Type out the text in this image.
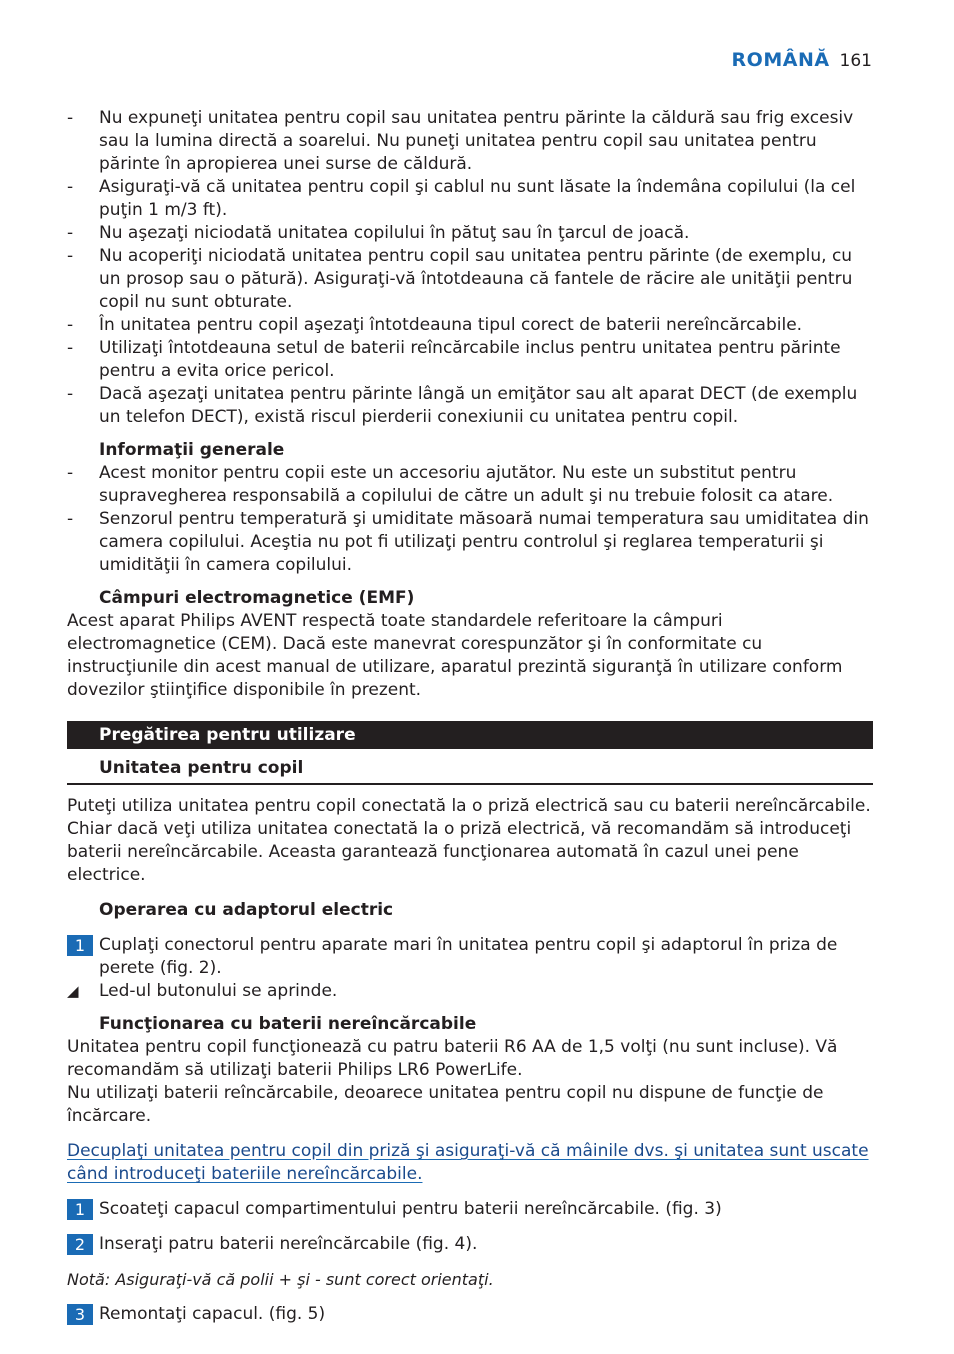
ROMÂNĂ 161
-	Nu expuneţi unitatea pentru copil sau unitatea pentru părinte la căldură sau frig excesiv sau la lumina directă a soarelui. Nu puneţi unitatea pentru copil sau unitatea pentru părinte în apropierea unei surse de căldură.
-	Asiguraţi-vă că unitatea pentru copil şi cablul nu sunt lăsate la îndemâna copilului (la cel puţin 1 m/3 ft).
-	Nu aşezaţi niciodată unitatea copilului în pătuţ sau în ţarcul de joacă.
-	Nu acoperiţi niciodată unitatea pentru copil sau unitatea pentru părinte (de exemplu, cu un prosop sau o pătură). Asiguraţi-vă întotdeauna că fantele de răcire ale unităţii pentru copil nu sunt obturate.
-	În unitatea pentru copil aşezaţi întotdeauna tipul corect de baterii nereîncărcabile.
-	Utilizaţi întotdeauna setul de baterii reîncărcabile inclus pentru unitatea pentru părinte pentru a evita orice pericol.
-	Dacă aşezaţi unitatea pentru părinte lângă un emiţător sau alt aparat DECT (de exemplu un telefon DECT), există riscul pierderii conexiunii cu unitatea pentru copil.
Informaţii generale
-	Acest monitor pentru copii este un accesoriu ajutător. Nu este un substitut pentru supravegherea responsabilă a copilului de către un adult şi nu trebuie folosit ca atare.
-	Senzorul pentru temperatură şi umiditate măsoară numai temperatura sau umiditatea din camera copilului. Aceştia nu pot fi utilizaţi pentru controlul şi reglarea temperaturii şi umidităţii în camera copilului.
Câmpuri electromagnetice (EMF)
Acest aparat Philips AVENT respectă toate standardele referitoare la câmpuri electromagnetice (CEM). Dacă este manevrat corespunzător şi în conformitate cu instrucţiunile din acest manual de utilizare, aparatul prezintă siguranţă în utilizare conform dovezilor ştiinţifice disponibile în prezent.
Pregătirea pentru utilizare
Unitatea pentru copil
Puteţi utiliza unitatea pentru copil conectată la o priză electrică sau cu baterii nereîncărcabile. Chiar dacă veţi utiliza unitatea conectată la o priză electrică, vă recomandăm să introduceţi baterii nereîncărcabile. Aceasta garantează funcţionarea automată în cazul unei pene electrice.
Operarea cu adaptorul electric
1 Cuplaţi conectorul pentru aparate mari în unitatea pentru copil şi adaptorul în priza de perete (fig. 2).
◢ Led-ul butonului se aprinde.
Funcţionarea cu baterii nereîncărcabile
Unitatea pentru copil funcţionează cu patru baterii R6 AA de 1,5 volţi (nu sunt incluse). Vă recomandăm să utilizaţi baterii Philips LR6 PowerLife.
Nu utilizaţi baterii reîncărcabile, deoarece unitatea pentru copil nu dispune de funcţie de încărcare.
Decuplaţi unitatea pentru copil din priză şi asiguraţi-vă că mâinile dvs. şi unitatea sunt uscate când introduceţi bateriile nereîncărcabile.
1 Scoateţi capacul compartimentului pentru baterii nereîncărcabile. (fig. 3)
2 Inseraţi patru baterii nereîncărcabile (fig. 4).
Notă: Asiguraţi-vă că polii + şi - sunt corect orientaţi.
3 Remontaţi capacul. (fig. 5)
